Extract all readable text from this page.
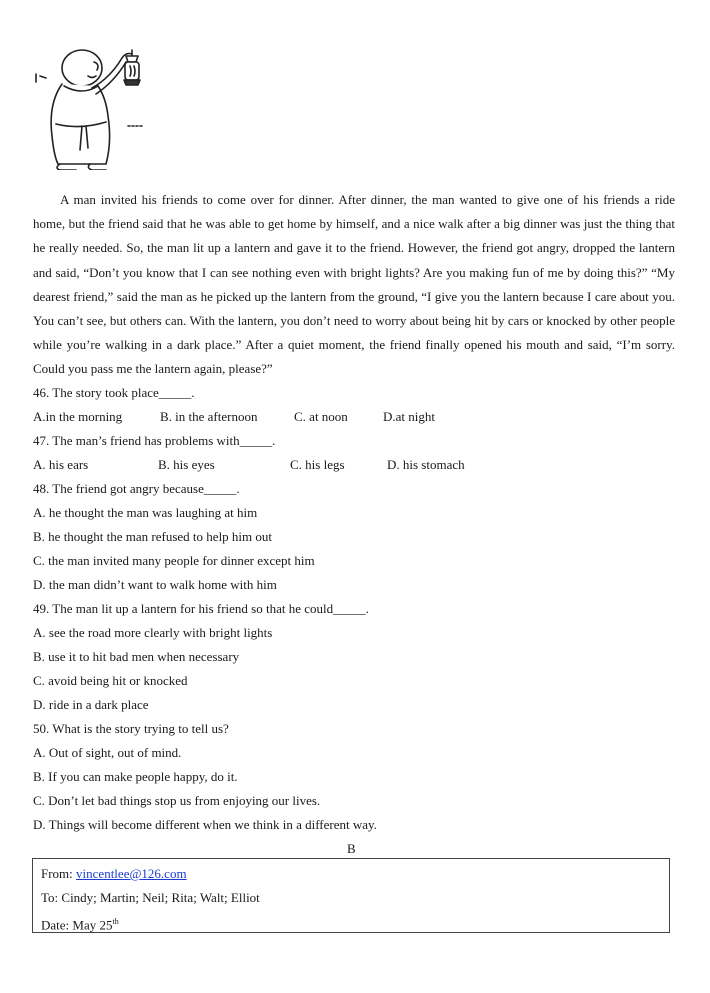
A man invited his friends to come over for dinner. After dinner, the man wanted to give one of his friends a ride home, but the friend said that he was able to get home by himself, and a nice walk after a big dinner was just the thing that he really needed. So, the man lit up a lantern and gave it to the friend. However, the friend got angry, dropped the lantern and said, “Don’t you know that I can see nothing even with bright lights? Are you making fun of me by doing this?” “My dearest friend,” said the man as he picked up the lantern from the ground, “I give you the lantern because I care about you. You can’t see, but others can. With the lantern, you don’t need to worry about being hit by cars or knocked by other people while you’re walking in a dark place.” After a quiet moment, the friend finally opened his mouth and said, “I’m sorry. Could you pass me the lantern again, please?”

46. The story took place_____.
A.in the morning	B. in the afternoon	C. at noon	D.at night
47. The man’s friend has problems with_____.
A. his ears	B. his eyes	C. his legs	D. his stomach
48. The friend got angry because_____.
A. he thought the man was laughing at him
B. he thought the man refused to help him out
C. the man invited many people for dinner except him
D. the man didn’t want to walk home with him
49. The man lit up a lantern for his friend so that he could_____.
A. see the road more clearly with bright lights
B. use it to hit bad men when necessary
C. avoid being hit or knocked
D. ride in a dark place
50. What is the story trying to tell us?
A. Out of sight, out of mind.
B. If you can make people happy, do it.
C. Don’t let bad things stop us from enjoying our lives.
D. Things will become different when we think in a different way.
B
From: vincentlee@126.com
To: Cindy; Martin; Neil; Rita; Walt; Elliot
Date: May 25th
